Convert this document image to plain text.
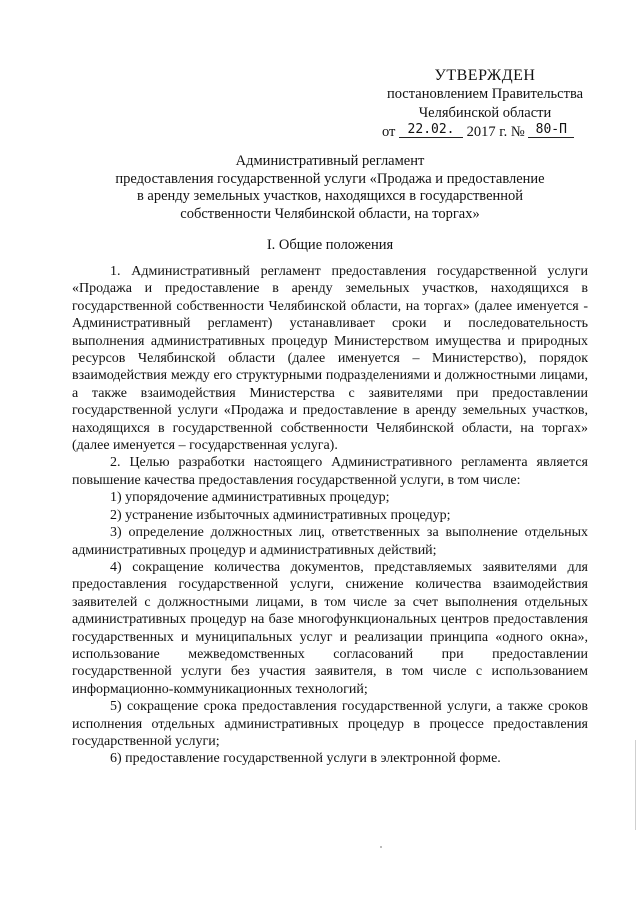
УТВЕРЖДЕН
постановлением Правительства
Челябинской области
от 22.02. 2017 г. № 80-П
Административный регламент
предоставления государственной услуги «Продажа и предоставление
в аренду земельных участков, находящихся в государственной
собственности Челябинской области, на торгах»
I. Общие положения

1. Административный регламент предоставления государственной услуги «Продажа и предоставление в аренду земельных участков, находящихся в государственной собственности Челябинской области, на торгах» (далее именуется - Административный регламент) устанавливает сроки и последовательность выполнения административных процедур Министерством имущества и природных ресурсов Челябинской области (далее именуется – Министерство), порядок взаимодействия между его структурными подразделениями и должностными лицами, а также взаимодействия Министерства с заявителями при предоставлении государственной услуги «Продажа и предоставление в аренду земельных участков, находящихся в государственной собственности Челябинской области, на торгах» (далее именуется – государственная услуга).

2. Целью разработки настоящего Административного регламента является повышение качества предоставления государственной услуги, в том числе:

1) упорядочение административных процедур;

2) устранение избыточных административных процедур;

3) определение должностных лиц, ответственных за выполнение отдельных административных процедур и административных действий;

4) сокращение количества документов, представляемых заявителями для предоставления государственной услуги, снижение количества взаимодействия заявителей с должностными лицами, в том числе за счет выполнения отдельных административных процедур на базе многофункциональных центров предоставления государственных и муниципальных услуг и реализации принципа «одного окна», использование межведомственных согласований при предоставлении государственной услуги без участия заявителя, в том числе с использованием информационно-коммуникационных технологий;

5) сокращение срока предоставления государственной услуги, а также сроков исполнения отдельных административных процедур в процессе предоставления государственной услуги;

6) предоставление государственной услуги в электронной форме.
